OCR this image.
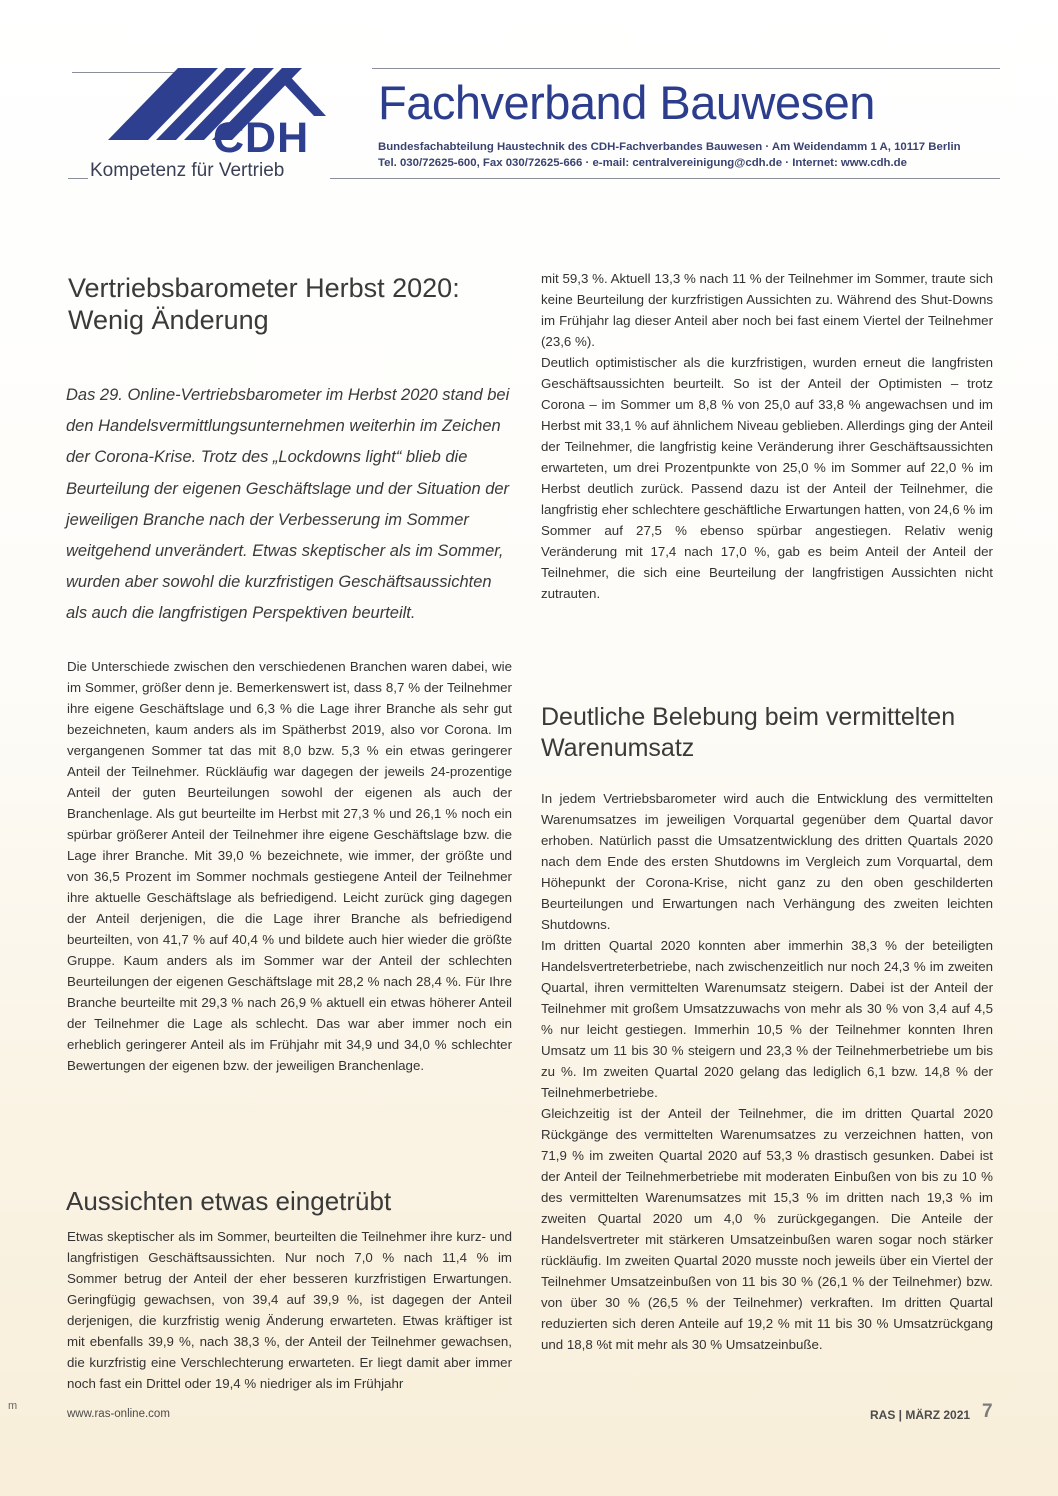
CDH
Kompetenz für Vertrieb
Fachverband Bauwesen
Bundesfachabteilung Haustechnik des CDH-Fachverbandes Bauwesen · Am Weidendamm 1 A, 10117 Berlin
Tel. 030/72625-600, Fax 030/72625-666 · e-mail: centralvereinigung@cdh.de · Internet: www.cdh.de
Vertriebsbarometer Herbst 2020: Wenig Änderung
Das 29. Online-Vertriebsbarometer im Herbst 2020 stand bei den Handelsvermittlungsunternehmen weiterhin im Zeichen der Corona-Krise. Trotz des „Lockdowns light“ blieb die Beurteilung der eigenen Geschäftslage und der Situation der jeweiligen Branche nach der Verbesserung im Sommer weitgehend unverändert. Etwas skeptischer als im Sommer, wurden aber sowohl die kurzfristigen Geschäftsaussichten als auch die langfristigen Perspektiven beurteilt.

Die Unterschiede zwischen den verschiedenen Branchen waren dabei, wie im Sommer, größer denn je. Bemerkenswert ist, dass 8,7 % der Teilnehmer ihre eigene Geschäftslage und 6,3 % die Lage ihrer Branche als sehr gut bezeichneten, kaum anders als im Spätherbst 2019, also vor Corona. Im vergangenen Sommer tat das mit 8,0 bzw. 5,3 % ein etwas geringerer Anteil der Teilnehmer. Rückläufig war dagegen der jeweils 24-prozentige Anteil der guten Beurteilungen sowohl der eigenen als auch der Branchenlage. Als gut beurteilte im Herbst mit 27,3 % und 26,1 % noch ein spürbar größerer Anteil der Teilnehmer ihre eigene Geschäftslage bzw. die Lage ihrer Branche. Mit 39,0 % bezeichnete, wie immer, der größte und von 36,5 Prozent im Sommer nochmals gestiegene Anteil der Teilnehmer ihre aktuelle Geschäftslage als befriedigend. Leicht zurück ging dagegen der Anteil derjenigen, die die Lage ihrer Branche als befriedigend beurteilten, von 41,7 % auf 40,4 % und bildete auch hier wieder die größte Gruppe. Kaum anders als im Sommer war der Anteil der schlechten Beurteilungen der eigenen Geschäftslage mit 28,2 % nach 28,4 %. Für Ihre Branche beurteilte mit 29,3 % nach 26,9 % aktuell ein etwas höherer Anteil der Teilnehmer die Lage als schlecht. Das war aber immer noch ein erheblich geringerer Anteil als im Frühjahr mit 34,9 und 34,0 % schlechter Bewertungen der eigenen bzw. der jeweiligen Branchenlage.

Aussichten etwas eingetrübt

Etwas skeptischer als im Sommer, beurteilten die Teilnehmer ihre kurz- und langfristigen Geschäftsaussichten. Nur noch 7,0 % nach 11,4 % im Sommer betrug der Anteil der eher besseren kurzfristigen Erwartungen. Geringfügig gewachsen, von 39,4 auf 39,9 %, ist dagegen der Anteil derjenigen, die kurzfristig wenig Änderung erwarteten. Etwas kräftiger ist mit ebenfalls 39,9 %, nach 38,3 %, der Anteil der Teilnehmer gewachsen, die kurzfristig eine Verschlechterung erwarteten. Er liegt damit aber immer noch fast ein Drittel oder 19,4 % niedriger als im Frühjahr

mit 59,3 %. Aktuell 13,3 % nach 11 % der Teilnehmer im Sommer, traute sich keine Beurteilung der kurzfristigen Aussichten zu. Während des Shut-Downs im Frühjahr lag dieser Anteil aber noch bei fast einem Viertel der Teilnehmer (23,6 %).

Deutlich optimistischer als die kurzfristigen, wurden erneut die langfristen Geschäftsaussichten beurteilt. So ist der Anteil der Optimisten – trotz Corona – im Sommer um 8,8 % von 25,0 auf 33,8 % angewachsen und im Herbst mit 33,1 % auf ähnlichem Niveau geblieben. Allerdings ging der Anteil der Teilnehmer, die langfristig keine Veränderung ihrer Geschäftsaussichten erwarteten, um drei Prozentpunkte von 25,0 % im Sommer auf 22,0 % im Herbst deutlich zurück. Passend dazu ist der Anteil der Teilnehmer, die langfristig eher schlechtere geschäftliche Erwartungen hatten, von 24,6 % im Sommer auf 27,5 % ebenso spürbar angestiegen. Relativ wenig Veränderung mit 17,4 nach 17,0 %, gab es beim Anteil der Anteil der Teilnehmer, die sich eine Beurteilung der langfristigen Aussichten nicht zutrauten.

Deutliche Belebung beim vermittelten Warenumsatz

In jedem Vertriebsbarometer wird auch die Entwicklung des vermittelten Warenumsatzes im jeweiligen Vorquartal gegenüber dem Quartal davor erhoben. Natürlich passt die Umsatzentwicklung des dritten Quartals 2020 nach dem Ende des ersten Shutdowns im Vergleich zum Vorquartal, dem Höhepunkt der Corona-Krise, nicht ganz zu den oben geschilderten Beurteilungen und Erwartungen nach Verhängung des zweiten leichten Shutdowns.

Im dritten Quartal 2020 konnten aber immerhin 38,3 % der beteiligten Handelsvertreterbetriebe, nach zwischenzeitlich nur noch 24,3 % im zweiten Quartal, ihren vermittelten Warenumsatz steigern. Dabei ist der Anteil der Teilnehmer mit großem Umsatzzuwachs von mehr als 30 % von 3,4 auf 4,5 % nur leicht gestiegen. Immerhin 10,5 % der Teilnehmer konnten Ihren Umsatz um 11 bis 30 % steigern und 23,3 % der Teilnehmerbetriebe um bis zu %. Im zweiten Quartal 2020 gelang das lediglich 6,1 bzw. 14,8 % der Teilnehmerbetriebe.

Gleichzeitig ist der Anteil der Teilnehmer, die im dritten Quartal 2020 Rückgänge des vermittelten Warenumsatzes zu verzeichnen hatten, von 71,9 % im zweiten Quartal 2020 auf 53,3 % drastisch gesunken. Dabei ist der Anteil der Teilnehmerbetriebe mit moderaten Einbußen von bis zu 10 % des vermittelten Warenumsatzes mit 15,3 % im dritten nach 19,3 % im zweiten Quartal 2020 um 4,0 % zurückgegangen. Die Anteile der Handelsvertreter mit stärkeren Umsatzeinbußen waren sogar noch stärker rückläufig. Im zweiten Quartal 2020 musste noch jeweils über ein Viertel der Teilnehmer Umsatzeinbußen von 11 bis 30 % (26,1 % der Teilnehmer) bzw. von über 30 % (26,5 % der Teilnehmer) verkraften. Im dritten Quartal reduzierten sich deren Anteile auf 19,2 % mit 11 bis 30 % Umsatzrückgang und 18,8 %t mit mehr als 30 % Umsatzeinbuße.

m
www.ras-online.com	RAS | MÄRZ 2021 7
